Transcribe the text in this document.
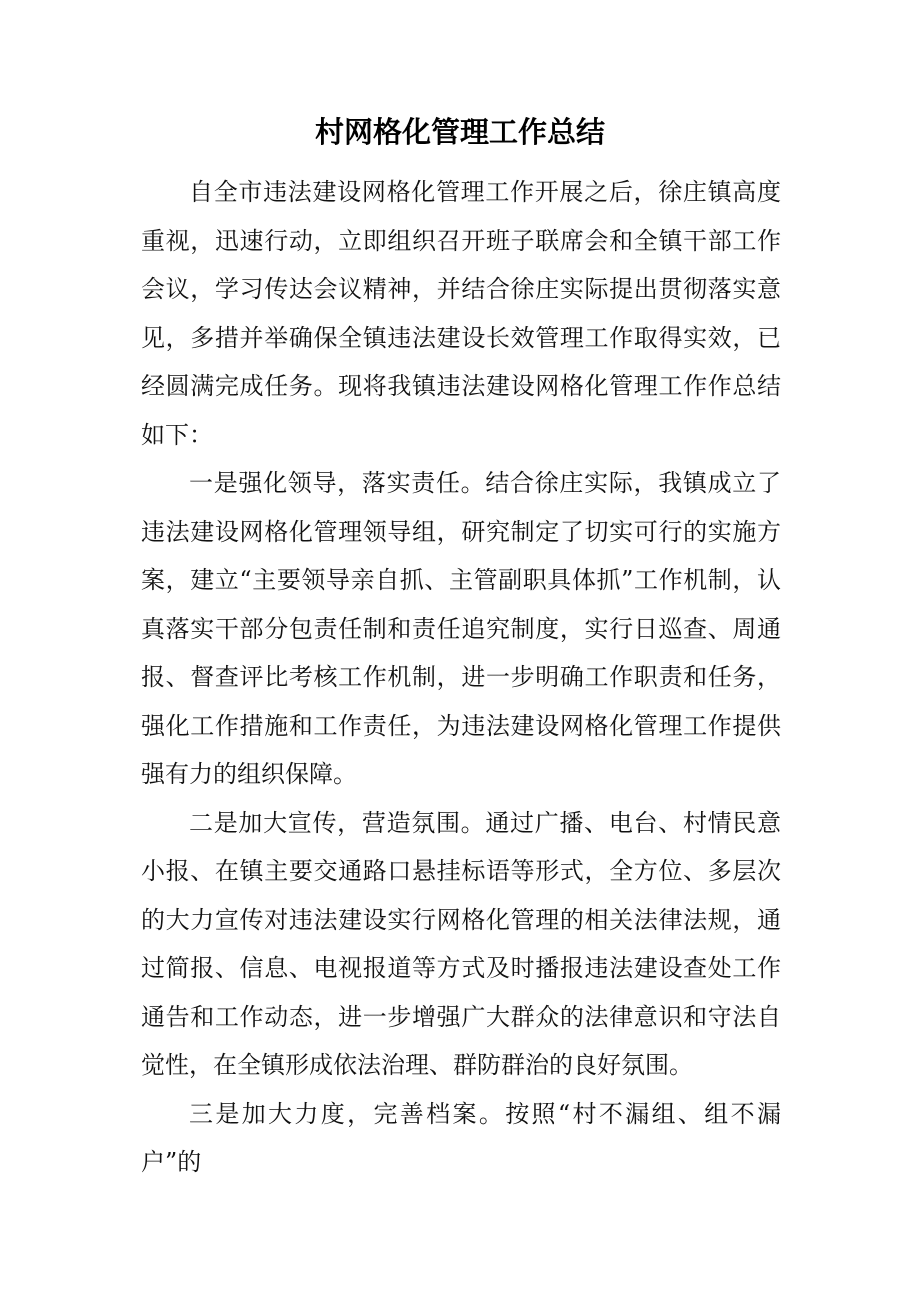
村网格化管理工作总结

自全市违法建设网格化管理工作开展之后，徐庄镇高度重视，迅速行动，立即组织召开班子联席会和全镇干部工作会议，学习传达会议精神，并结合徐庄实际提出贯彻落实意见，多措并举确保全镇违法建设长效管理工作取得实效，已经圆满完成任务。现将我镇违法建设网格化管理工作作总结如下：

一是强化领导，落实责任。结合徐庄实际，我镇成立了违法建设网格化管理领导组，研究制定了切实可行的实施方案，建立“主要领导亲自抓、主管副职具体抓”工作机制，认真落实干部分包责任制和责任追究制度，实行日巡查、周通报、督查评比考核工作机制，进一步明确工作职责和任务，强化工作措施和工作责任，为违法建设网格化管理工作提供强有力的组织保障。

二是加大宣传，营造氛围。通过广播、电台、村情民意小报、在镇主要交通路口悬挂标语等形式，全方位、多层次的大力宣传对违法建设实行网格化管理的相关法律法规，通过简报、信息、电视报道等方式及时播报违法建设查处工作通告和工作动态，进一步增强广大群众的法律意识和守法自觉性，在全镇形成依法治理、群防群治的良好氛围。

三是加大力度，完善档案。按照“村不漏组、组不漏户”的
